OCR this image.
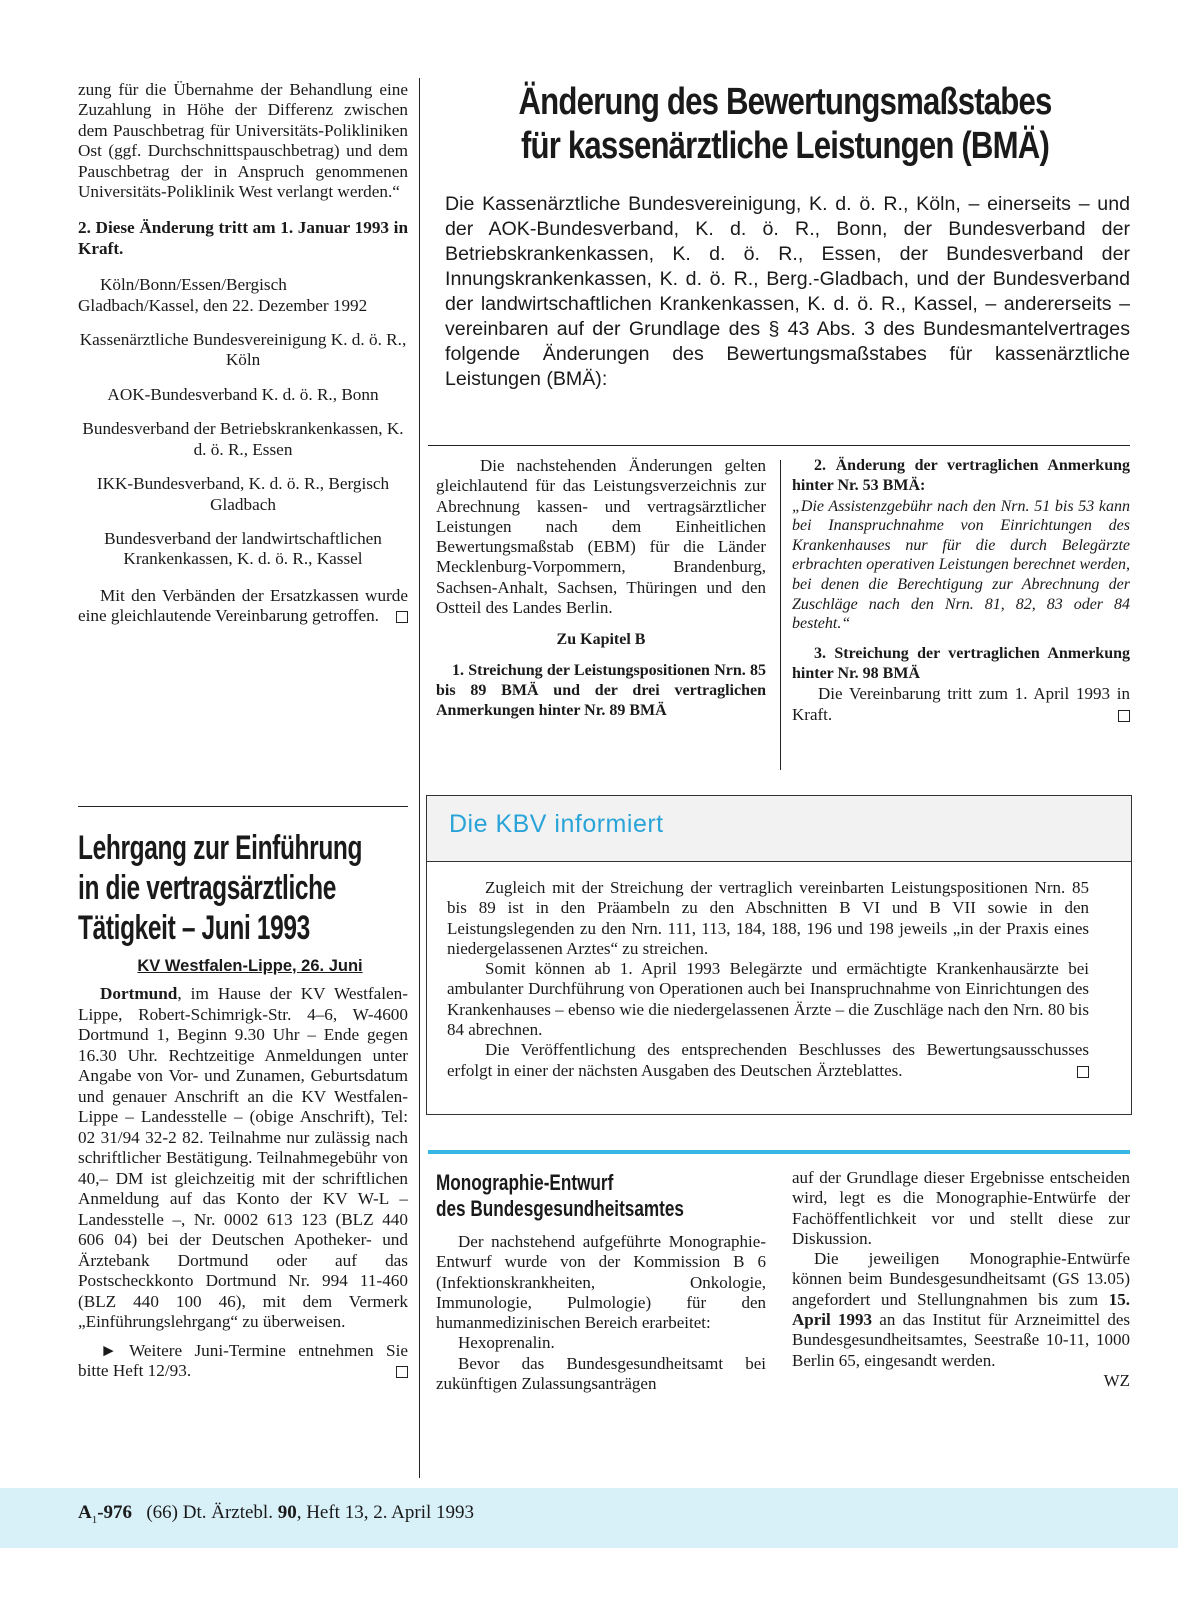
zung für die Übernahme der Behandlung eine Zuzahlung in Höhe der Differenz zwischen dem Pauschbetrag für Universitäts-Polikliniken Ost (ggf. Durchschnittspauschbetrag) und dem Pauschbetrag der in Anspruch genommenen Universitäts-Poliklinik West verlangt werden.“

2. Diese Änderung tritt am 1. Januar 1993 in Kraft.

Köln/Bonn/Essen/Bergisch Gladbach/Kassel, den 22. Dezember 1992

Kassenärztliche Bundesvereinigung K. d. ö. R., Köln

AOK-Bundesverband K. d. ö. R., Bonn

Bundesverband der Betriebskrankenkassen, K. d. ö. R., Essen

IKK-Bundesverband, K. d. ö. R., Bergisch Gladbach

Bundesverband der landwirtschaftlichen Krankenkassen, K. d. ö. R., Kassel

Mit den Verbänden der Ersatzkassen wurde eine gleichlautende Vereinbarung getroffen.

Änderung des Bewertungsmaßstabes
für kassenärztliche Leistungen (BMÄ)

Die Kassenärztliche Bundesvereinigung, K. d. ö. R., Köln, – einerseits – und der AOK-Bundesverband, K. d. ö. R., Bonn, der Bundesverband der Betriebskrankenkassen, K. d. ö. R., Essen, der Bundesverband der Innungskrankenkassen, K. d. ö. R., Berg.-Gladbach, und der Bundesverband der landwirtschaftlichen Krankenkassen, K. d. ö. R., Kassel, – andererseits – vereinbaren auf der Grundlage des § 43 Abs. 3 des Bundesmantelvertrages folgende Änderungen des Bewertungsmaßstabes für kassenärztliche Leistungen (BMÄ):

Die nachstehenden Änderungen gelten gleichlautend für das Leistungsverzeichnis zur Abrechnung kassen- und vertragsärztlicher Leistungen nach dem Einheitlichen Bewertungsmaßstab (EBM) für die Länder Mecklenburg-Vorpommern, Brandenburg, Sachsen-Anhalt, Sachsen, Thüringen und den Ostteil des Landes Berlin.

Zu Kapitel B

1. Streichung der Leistungspositionen Nrn. 85 bis 89 BMÄ und der drei vertraglichen Anmerkungen hinter Nr. 89 BMÄ

2. Änderung der vertraglichen Anmerkung hinter Nr. 53 BMÄ:

„Die Assistenzgebühr nach den Nrn. 51 bis 53 kann bei Inanspruchnahme von Einrichtungen des Krankenhauses nur für die durch Belegärzte erbrachten operativen Leistungen berechnet werden, bei denen die Berechtigung zur Abrechnung der Zuschläge nach den Nrn. 81, 82, 83 oder 84 besteht.“

3. Streichung der vertraglichen Anmerkung hinter Nr. 98 BMÄ

Die Vereinbarung tritt zum 1. April 1993 in Kraft.

Lehrgang zur Einführung
in die vertragsärztliche
Tätigkeit – Juni 1993
KV Westfalen-Lippe, 26. Juni

Dortmund, im Hause der KV Westfalen-Lippe, Robert-Schimrigk-Str. 4–6, W-4600 Dortmund 1, Beginn 9.30 Uhr – Ende gegen 16.30 Uhr. Rechtzeitige Anmeldungen unter Angabe von Vor- und Zunamen, Geburtsdatum und genauer Anschrift an die KV Westfalen-Lippe – Landesstelle – (obige Anschrift), Tel: 02 31/94 32-2 82. Teilnahme nur zulässig nach schriftlicher Bestätigung. Teilnahmegebühr von 40,– DM ist gleichzeitig mit der schriftlichen Anmeldung auf das Konto der KV W-L – Landesstelle –, Nr. 0002 613 123 (BLZ 440 606 04) bei der Deutschen Apotheker- und Ärztebank Dortmund oder auf das Postscheckkonto Dortmund Nr. 994 11-460 (BLZ 440 100 46), mit dem Vermerk „Einführungslehrgang“ zu überweisen.

► Weitere Juni-Termine entnehmen Sie bitte Heft 12/93.

Die KBV informiert

Zugleich mit der Streichung der vertraglich vereinbarten Leistungspositionen Nrn. 85 bis 89 ist in den Präambeln zu den Abschnitten B VI und B VII sowie in den Leistungslegenden zu den Nrn. 111, 113, 184, 188, 196 und 198 jeweils „in der Praxis eines niedergelassenen Arztes“ zu streichen.

Somit können ab 1. April 1993 Belegärzte und ermächtigte Krankenhausärzte bei ambulanter Durchführung von Operationen auch bei Inanspruchnahme von Einrichtungen des Krankenhauses – ebenso wie die niedergelassenen Ärzte – die Zuschläge nach den Nrn. 80 bis 84 abrechnen.

Die Veröffentlichung des entsprechenden Beschlusses des Bewertungsausschusses erfolgt in einer der nächsten Ausgaben des Deutschen Ärzteblattes.

Monographie-Entwurf
des Bundesgesundheitsamtes

Der nachstehend aufgeführte Monographie-Entwurf wurde von der Kommission B 6 (Infektionskrankheiten, Onkologie, Immunologie, Pulmologie) für den humanmedizinischen Bereich erarbeitet:

Hexoprenalin.

Bevor das Bundesgesundheitsamt bei zukünftigen Zulassungsanträgen

auf der Grundlage dieser Ergebnisse entscheiden wird, legt es die Monographie-Entwürfe der Fachöffentlichkeit vor und stellt diese zur Diskussion.

Die jeweiligen Monographie-Entwürfe können beim Bundesgesundheitsamt (GS 13.05) angefordert und Stellungnahmen bis zum 15. April 1993 an das Institut für Arzneimittel des Bundesgesundheitsamtes, Seestraße 10-11, 1000 Berlin 65, eingesandt werden.

WZ

$A_1-976$ (66) Dt. Ärztebl. 90, Heft 13, 2. April 1993
